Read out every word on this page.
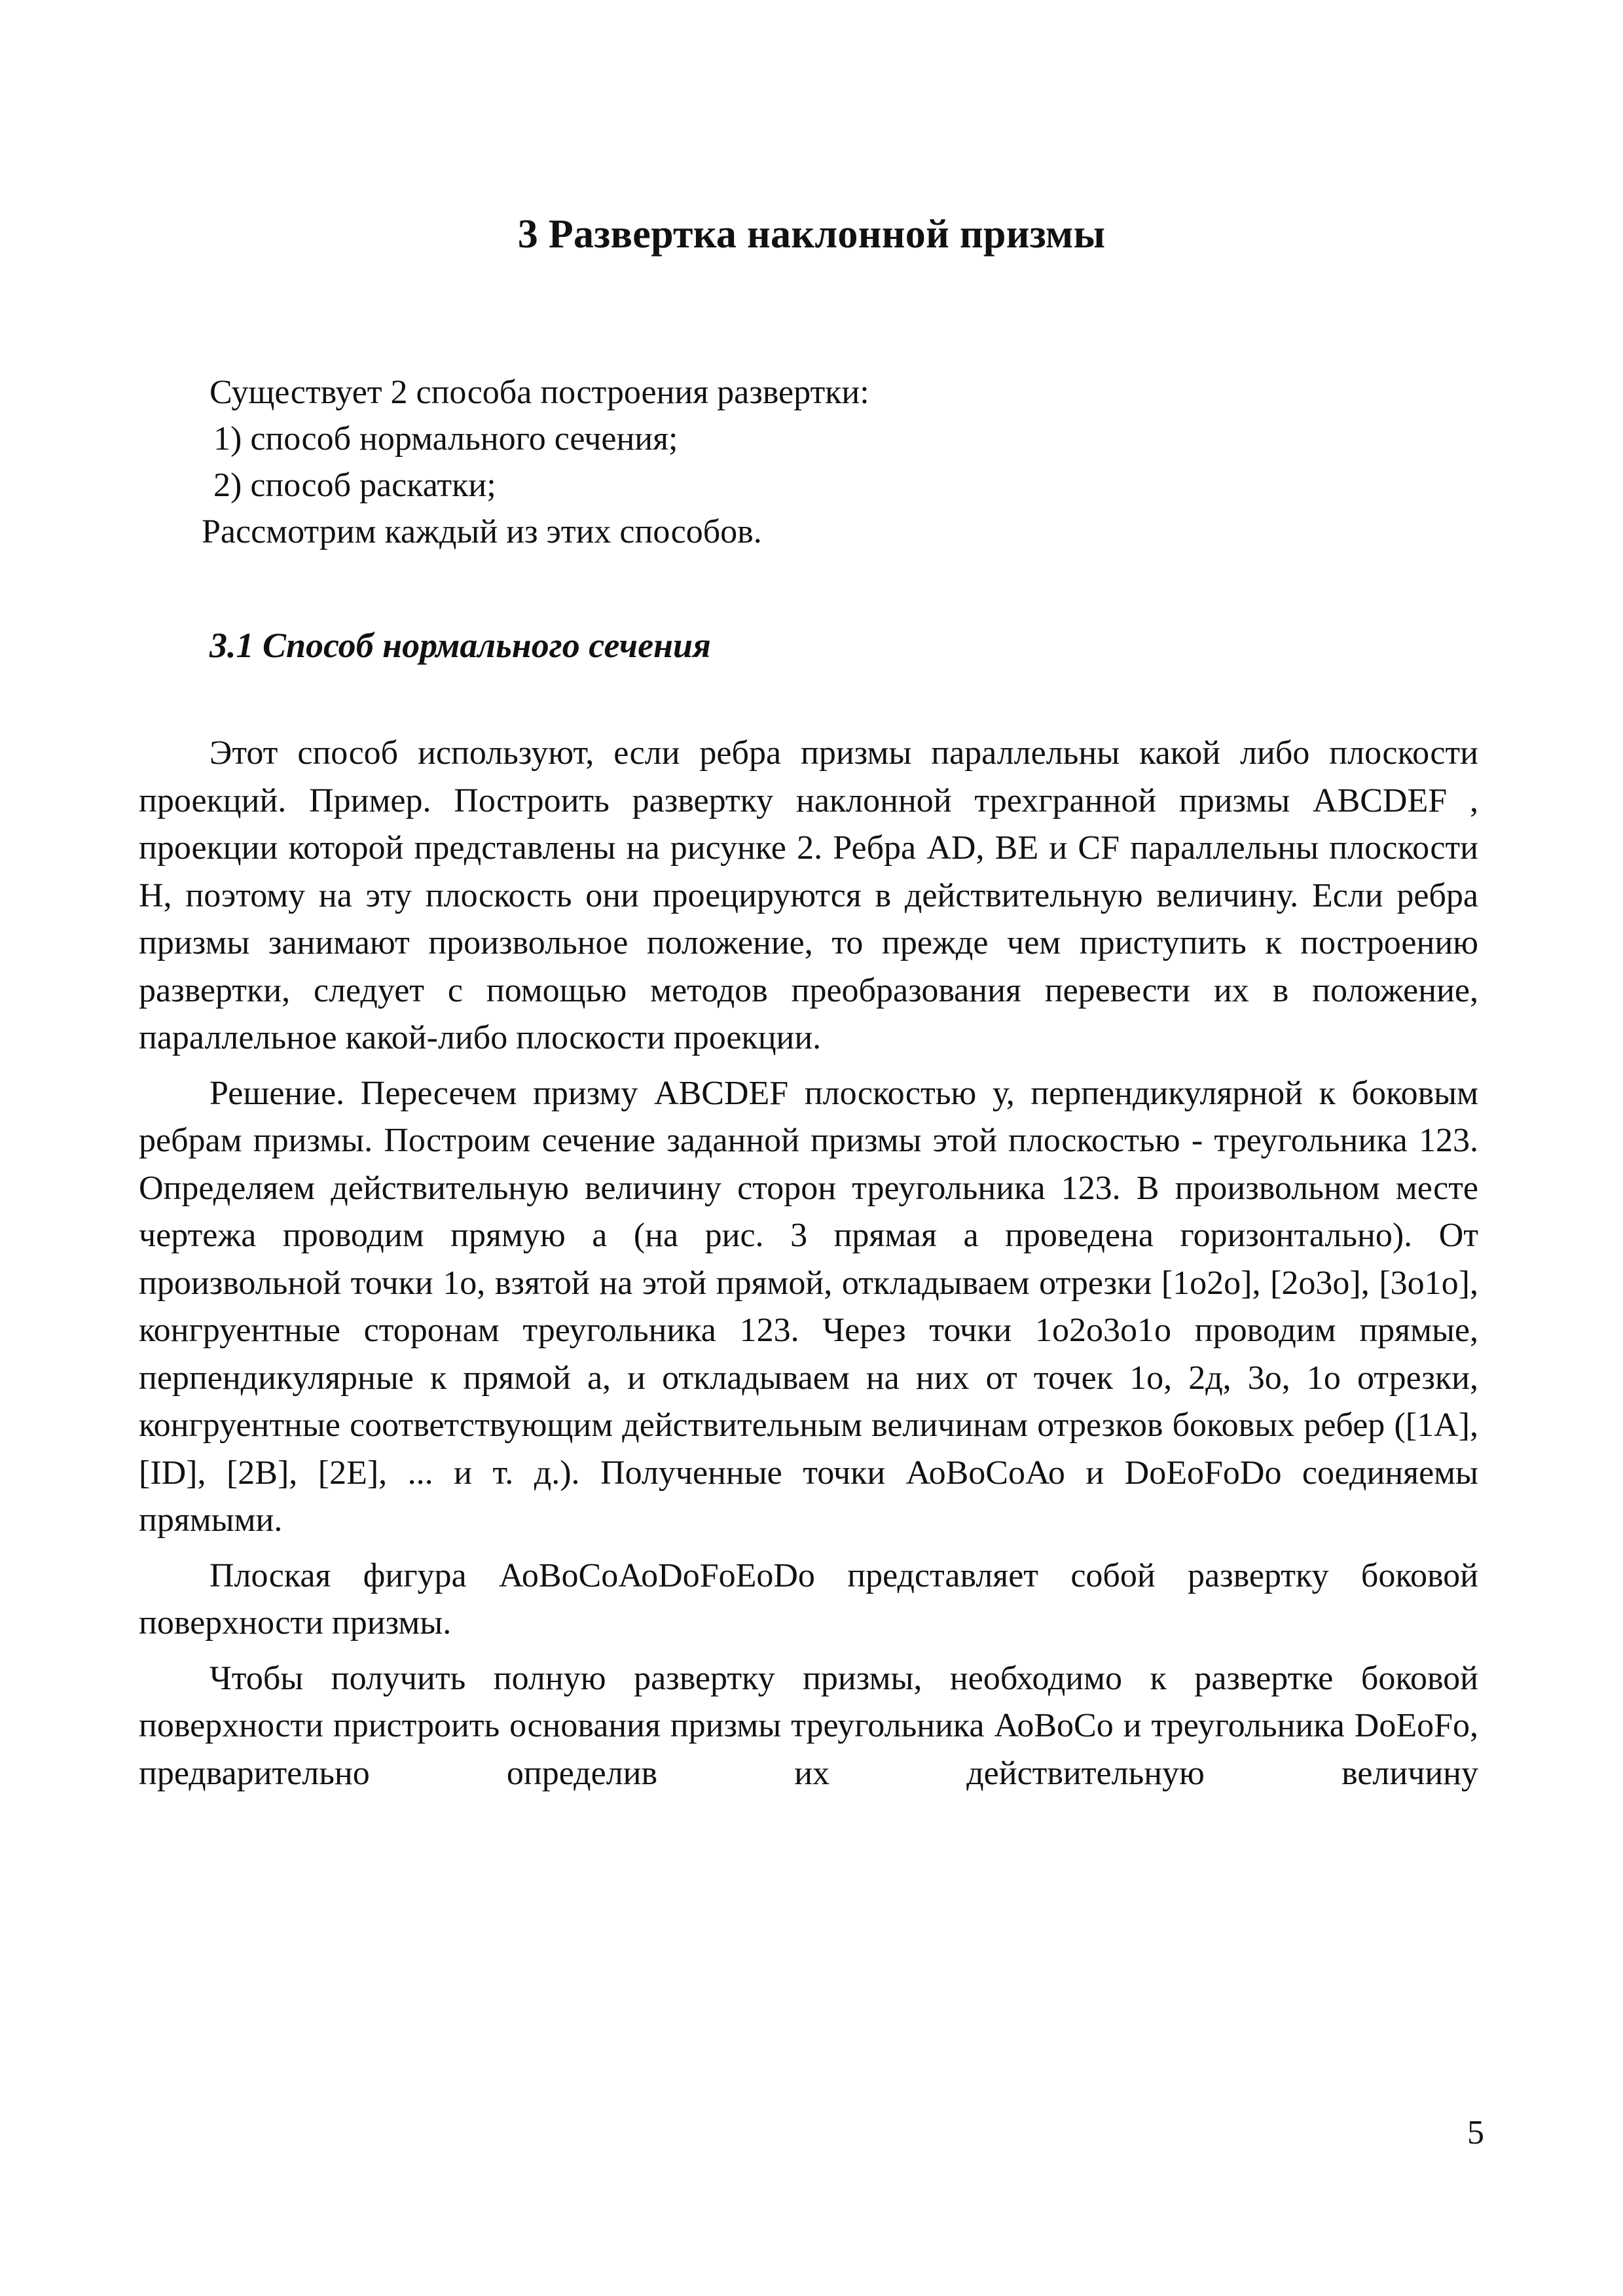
3 Развертка наклонной призмы
Существует 2 способа построения развертки:
1) способ нормального сечения;
2) способ раскатки;
Рассмотрим каждый из этих способов.
3.1 Способ нормального сечения

Этот способ используют, если ребра призмы параллельны какой либо плоскости проекций. Пример. Построить развертку наклонной трехгранной призмы ABCDEF , проекции которой представлены на рисунке 2. Ребра AD, BE и CF параллельны плоскости H, поэтому на эту плоскость они проецируются в действительную величину. Если ребра призмы занимают произвольное положение, то прежде чем приступить к построению развертки, следует с помощью методов преобразования перевести их в положение, параллельное какой-либо плоскости проекции.

Решение. Пересечем призму ABCDEF плоскостью у, перпендикулярной к боковым ребрам призмы. Построим сечение заданной призмы этой плоскостью - треугольника 123. Определяем действительную величину сторон треугольника 123. В произвольном месте чертежа проводим прямую а (на рис. 3 прямая а проведена горизонтально). От произвольной точки 1о, взятой на этой прямой, откладываем отрезки [1о2о], [2о3о], [3о1о], конгруентные сторонам треугольника 123. Через точки 1о2о3о1о проводим прямые, перпендикулярные к прямой а, и откладываем на них от точек 1о, 2д, 3о, 1о отрезки, конгруентные соответствующим действительным величинам отрезков боковых ребер ([1А], [ID], [2B], [2E], ... и т. д.). Полученные точки АоВоСоАо и DoEoFoDo соединяемы прямыми.

Плоская фигура АоВоСоАоDoFoEoDo представляет собой развертку боковой поверхности призмы.

Чтобы получить полную развертку призмы, необходимо к развертке боковой поверхности пристроить основания призмы треугольника АоВоСо и треугольника DoEoFo, предварительно определив их действительную величину

5
